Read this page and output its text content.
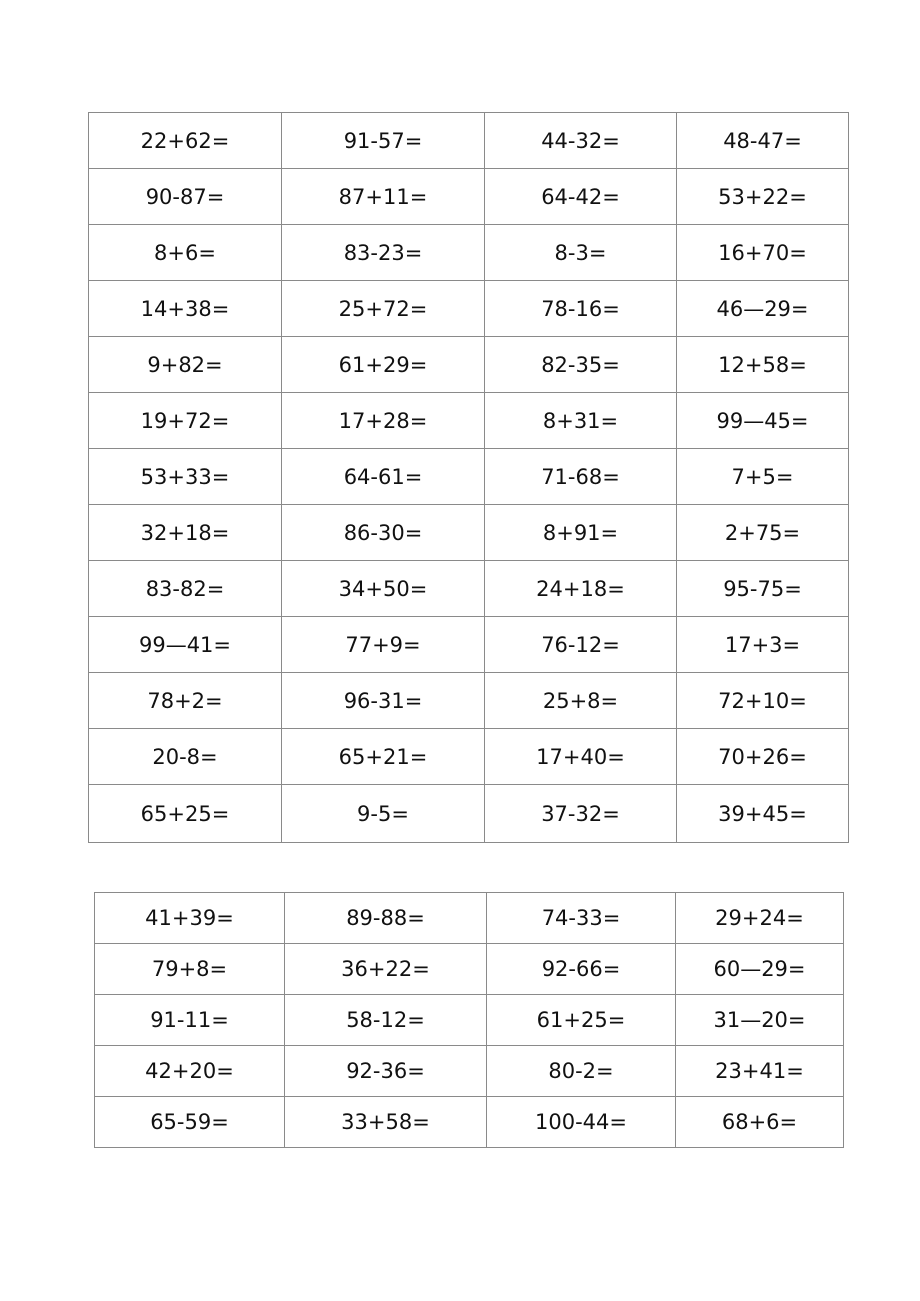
22+62=	91-57=	44-32=	48-47=
90-87=	87+11=	64-42=	53+22=
8+6=	83-23=	8-3=	16+70=
14+38=	25+72=	78-16=	46—29=
9+82=	61+29=	82-35=	12+58=
19+72=	17+28=	8+31=	99—45=
53+33=	64-61=	71-68=	7+5=
32+18=	86-30=	8+91=	2+75=
83-82=	34+50=	24+18=	95-75=
99—41=	77+9=	76-12=	17+3=
78+2=	96-31=	25+8=	72+10=
20-8=	65+21=	17+40=	70+26=
65+25=	9-5=	37-32=	39+45=
41+39=	89-88=	74-33=	29+24=
79+8=	36+22=	92-66=	60—29=
91-11=	58-12=	61+25=	31—20=
42+20=	92-36=	80-2=	23+41=
65-59=	33+58=	100-44=	68+6=
